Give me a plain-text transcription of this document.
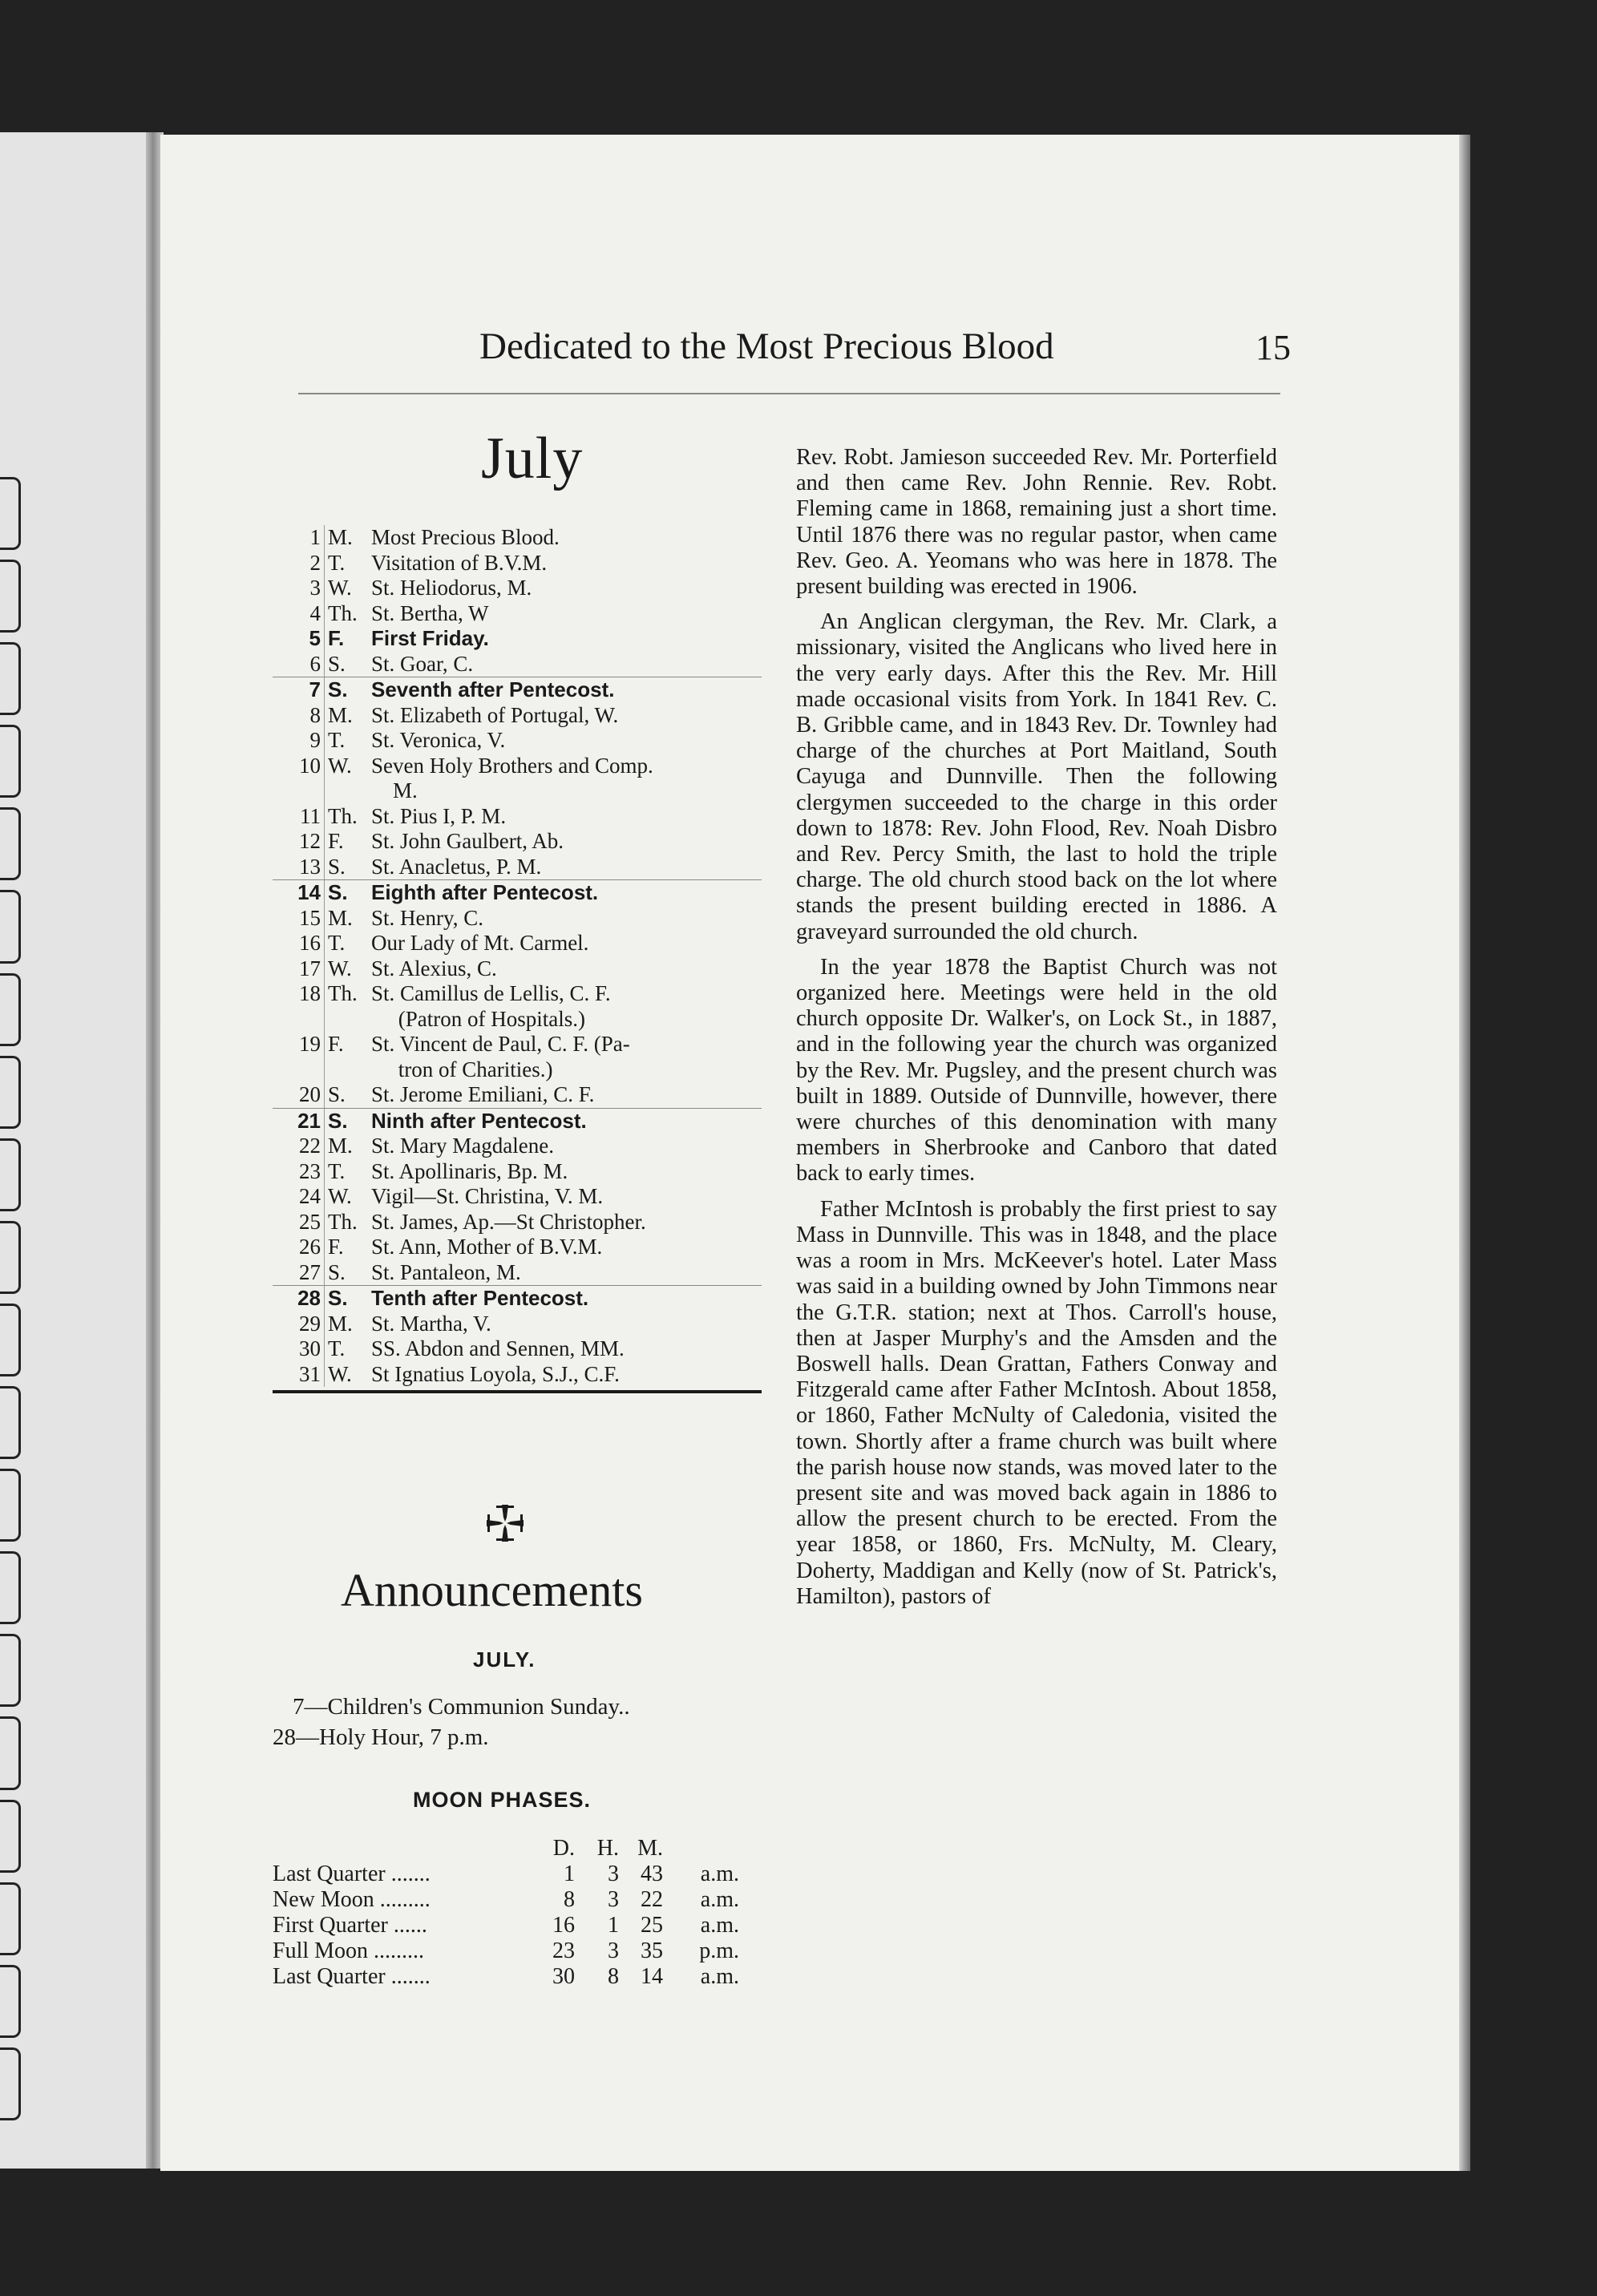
Dedicated to the Most Precious Blood	15
July
1 M. Most Precious Blood.
2 T.	Visitation of B.V.M.
3 W. St. Heliodorus, M.
4 Th. St. Bertha, W
5 F.	First Friday.
6 S.	St. Goar, C.
7 S.	Seventh after Pentecost.
8 M. St. Elizabeth of Portugal, W.
9 T.	St. Veronica, V.
10 W. Seven Holy Brothers and Comp.
M.
11 Th. St. Pius I, P. M.
12 F.	St. John Gaulbert, Ab.
13 S.	St. Anacletus, P. M.
14 S.	Eighth after Pentecost.
15 M. St. Henry, C.
16 T.	Our Lady of Mt. Carmel.
17 W. St. Alexius, C.
18 Th. St. Camillus de Lellis, C. F.
(Patron of Hospitals.)
19 F.	St. Vincent de Paul, C. F. (Pa-
tron of Charities.)
20 S.	St. Jerome Emiliani, C. F.
21 S.	Ninth after Pentecost.
22 M. St. Mary Magdalene.
23 T.	St. Apollinaris, Bp. M.
24 W. Vigil—St. Christina, V. M.
25 Th. St. James, Ap.—St Christopher.
26 F.	St. Ann, Mother of B.V.M.
27 S.	St. Pantaleon, M.
28 S.	Tenth after Pentecost.
29 M. St. Martha, V.
30 T.	SS. Abdon and Sennen, MM.
31 W. St Ignatius Loyola, S.J., C.F.
Announcements
JULY.
7—Children's Communion Sunday..
28—Holy Hour, 7 p.m.
MOON PHASES.
D. H. M.
Last Quarter .......	1	3 43	a.m.
New Moon .........	8	3 22	a.m.
First Quarter ......	16	1 25	a.m.
Full Moon .........	23	3 35	p.m.
Last Quarter .......	30	8 14	a.m.

Rev. Robt. Jamieson succeeded Rev. Mr. Porterfield and then came Rev. John Rennie. Rev. Robt. Fleming came in 1868, remaining just a short time. Until 1876 there was no regular pastor, when came Rev. Geo. A. Yeomans who was here in 1878. The present building was erected in 1906.

An Anglican clergyman, the Rev. Mr. Clark, a missionary, visited the Anglicans who lived here in the very early days. After this the Rev. Mr. Hill made occasional visits from York. In 1841 Rev. C. B. Gribble came, and in 1843 Rev. Dr. Townley had charge of the churches at Port Maitland, South Cayuga and Dunnville. Then the following clergymen succeeded to the charge in this order down to 1878: Rev. John Flood, Rev. Noah Disbro and Rev. Percy Smith, the last to hold the triple charge. The old church stood back on the lot where stands the present building erected in 1886. A graveyard surrounded the old church.

In the year 1878 the Baptist Church was not organized here. Meetings were held in the old church opposite Dr. Walker's, on Lock St., in 1887, and in the following year the church was organized by the Rev. Mr. Pugsley, and the present church was built in 1889. Outside of Dunnville, however, there were churches of this denomination with many members in Sherbrooke and Canboro that dated back to early times.

Father McIntosh is probably the first priest to say Mass in Dunnville. This was in 1848, and the place was a room in Mrs. McKeever's hotel. Later Mass was said in a building owned by John Timmons near the G.T.R. station; next at Thos. Carroll's house, then at Jasper Murphy's and the Amsden and the Boswell halls. Dean Grattan, Fathers Conway and Fitzgerald came after Father McIntosh. About 1858, or 1860, Father McNulty of Caledonia, visited the town. Shortly after a frame church was built where the parish house now stands, was moved later to the present site and was moved back again in 1886 to allow the present church to be erected. From the year 1858, or 1860, Frs. McNulty, M. Cleary, Doherty, Maddigan and Kelly (now of St. Patrick's, Hamilton), pastors of
